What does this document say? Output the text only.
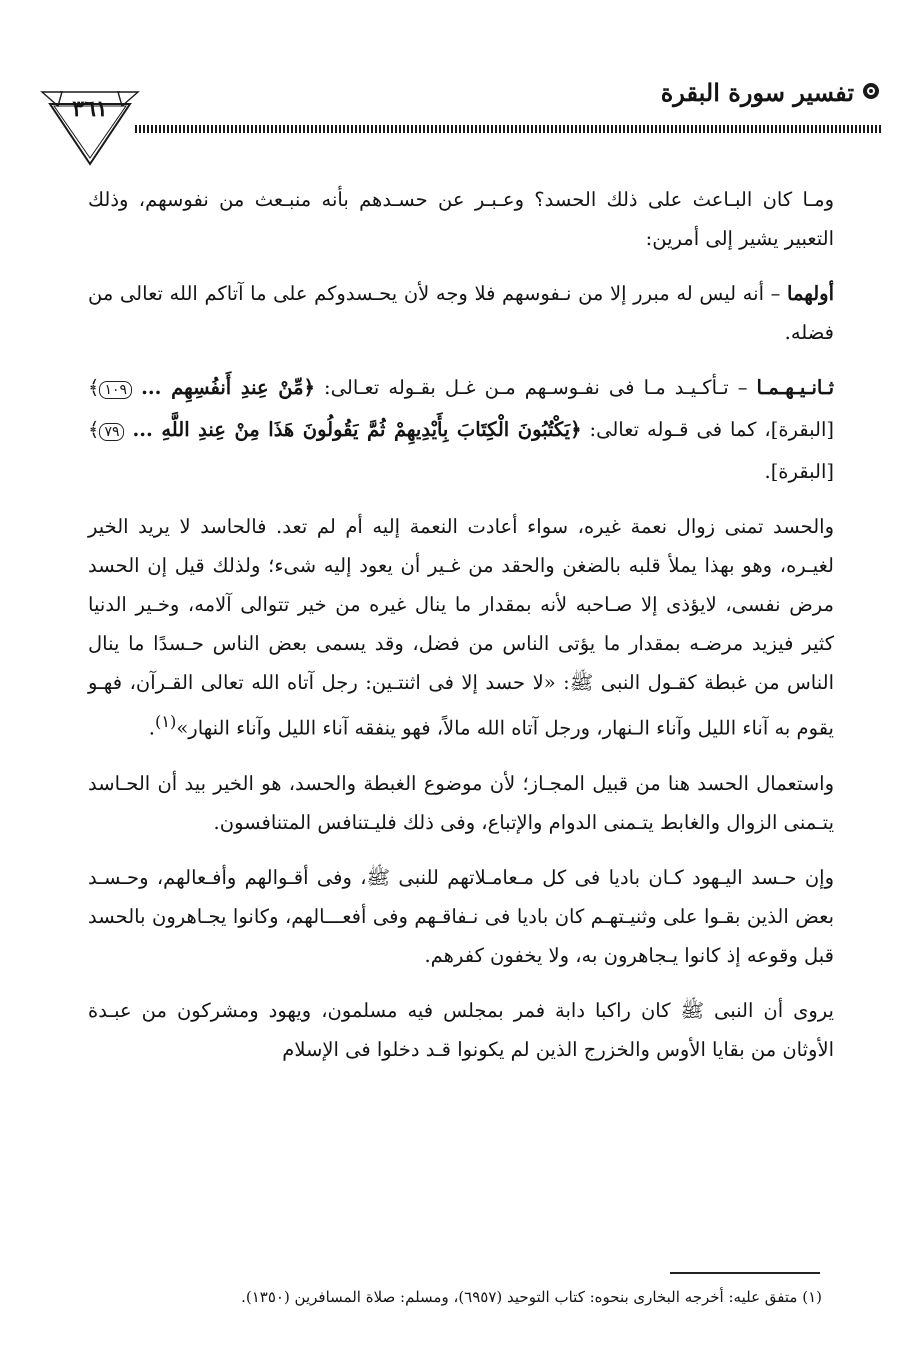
تفسير سورة البقرة
٣٦١

ومـا كان البـاعث على ذلك الحسد؟ وعـبـر عن حسـدهم بأنه منبـعث من نفوسهم، وذلك التعبير يشير إلى أمرين:

أولهما – أنه ليس له مبرر إلا من نـفوسهم فلا وجه لأن يحـسدوكم على ما آتاكم الله تعالى من فضله.

ثـانـيـهـمـا – تـأكـيـد مـا فى نفـوسـهم مـن غـل بقـوله تعـالى: ﴿مِّنْ عِندِ أَنفُسِهِم ... ١٠٩﴾ [البقرة]، كما فى قـوله تعالى: ﴿يَكْتُبُونَ الْكِتَابَ بِأَيْدِيهِمْ ثُمَّ يَقُولُونَ هَذَا مِنْ عِندِ اللَّهِ ... ٧٩﴾ [البقرة].

والحسد تمنى زوال نعمة غيره، سواء أعادت النعمة إليه أم لم تعد. فالحاسد لا يريد الخير لغيـره، وهو بهذا يملأ قلبه بالضغن والحقد من غـير أن يعود إليه شىء؛ ولذلك قيل إن الحسد مرض نفسى، لايؤذى إلا صـاحبه لأنه بمقدار ما ينال غيره من خير تتوالى آلامه، وخـير الدنيا كثير فيزيد مرضـه بمقدار ما يؤتى الناس من فضل، وقد يسمى بعض الناس حـسدًا ما ينال الناس من غبطة كقـول النبى ﷺ: «لا حسد إلا فى اثنتـين: رجل آتاه الله تعالى القـرآن، فهـو يقوم به آناء الليل وآناء الـنهار، ورجل آتاه الله مالاً، فهو ينفقه آناء الليل وآناء النهار»$^{(١)}$.

واستعمال الحسد هنا من قبيل المجـاز؛ لأن موضوع الغبطة والحسد، هو الخير بيد أن الحـاسد يتـمنى الزوال والغابط يتـمنى الدوام والإتباع، وفى ذلك فليـتنافس المتنافسون.

وإن حـسد اليـهود كـان باديا فى كل مـعامـلاتهم للنبى ﷺ، وفى أقـوالهم وأفـعالهم، وحـسـد بعض الذين بقـوا على وثنيـتهـم كان باديا فى نـفاقـهم وفى أفعـــالهم، وكانوا يجـاهرون بالحسد قبل وقوعه إذ كانوا يـجاهرون به، ولا يخفون كفرهم.

يروى أن النبى ﷺ كان راكبا دابة فمر بمجلس فيه مسلمون، ويهود ومشركون من عبـدة الأوثان من بقايا الأوس والخزرج الذين لم يكونوا قـد دخلوا فى الإسلام

(١) متفق عليه: أخرجه البخارى بنحوه: كتاب التوحيد (٦٩٥٧)، ومسلم: صلاة المسافرين (١٣٥٠).
